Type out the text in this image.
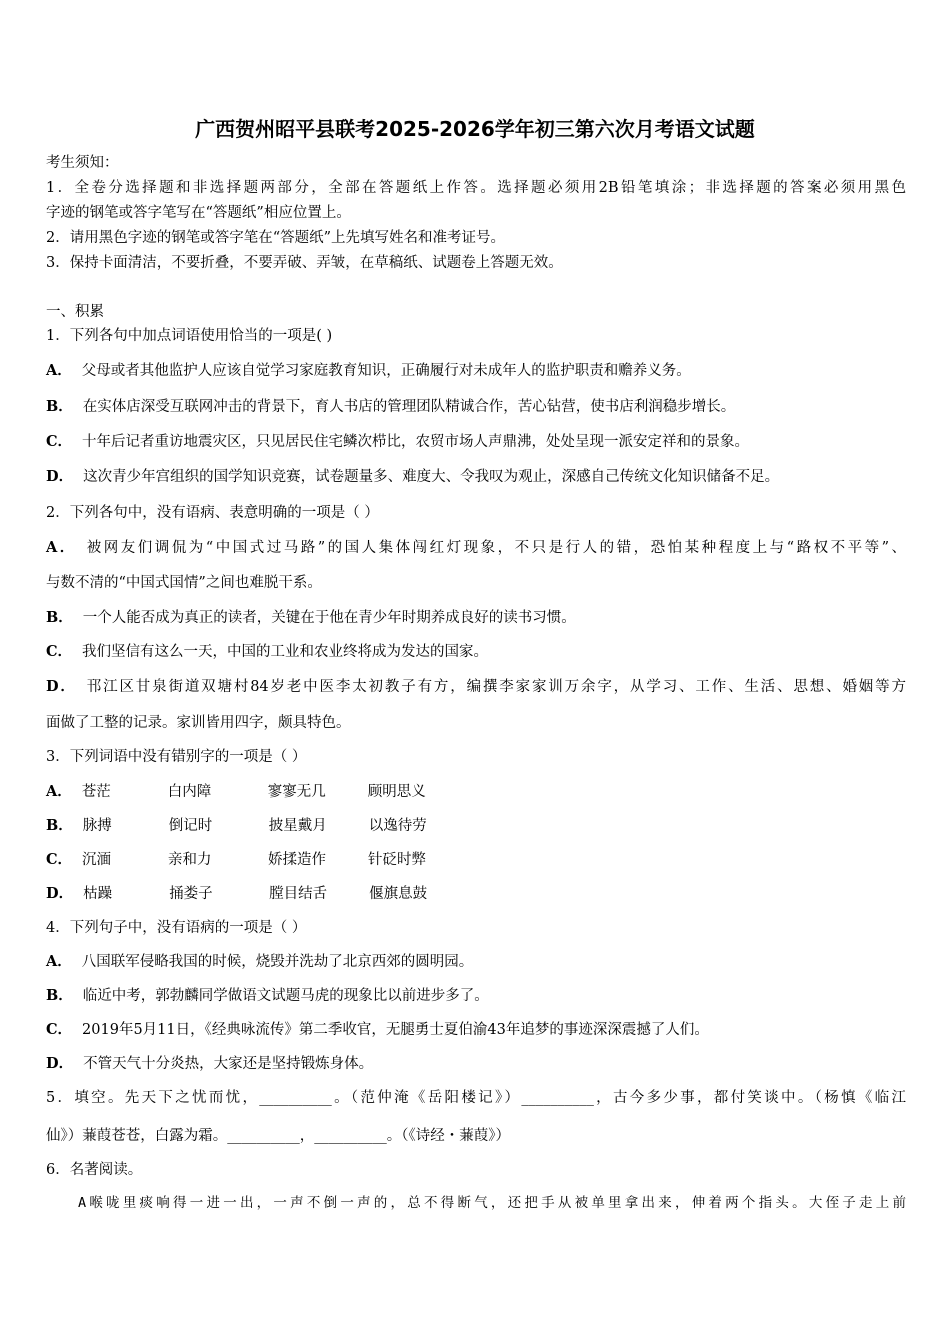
广西贺州昭平县联考2025-2026学年初三第六次月考语文试题
考生须知：
1．全卷分选择题和非选择题两部分，全部在答题纸上作答。选择题必须用2B铅笔填涂；非选择题的答案必须用黑色
字迹的钢笔或答字笔写在“答题纸”相应位置上。
2．请用黑色字迹的钢笔或答字笔在“答题纸”上先填写姓名和准考证号。
3．保持卡面清洁，不要折叠，不要弄破、弄皱，在草稿纸、试题卷上答题无效。
一、积累
1．下列各句中加点词语使用恰当的一项是( )
A． 父母或者其他监护人应该自觉学习家庭教育知识，正确履行对未成年人的监护职责和赡养义务。
B． 在实体店深受互联网冲击的背景下，育人书店的管理团队精诚合作，苦心钻营，使书店利润稳步增长。
C． 十年后记者重访地震灾区，只见居民住宅鳞次栉比，农贸市场人声鼎沸，处处呈现一派安定祥和的景象。
D． 这次青少年宫组织的国学知识竞赛，试卷题量多、难度大、令我叹为观止，深感自己传统文化知识储备不足。
2．下列各句中，没有语病、表意明确的一项是（ ）
A． 被网友们调侃为“中国式过马路”的国人集体闯红灯现象，不只是行人的错，恐怕某种程度上与“路权不平等”、
与数不清的“中国式国情”之间也难脱干系。
B． 一个人能否成为真正的读者，关键在于他在青少年时期养成良好的读书习惯。
C． 我们坚信有这么一天，中国的工业和农业终将成为发达的国家。
D． 邗江区甘泉街道双塘村84岁老中医李太初教子有方，编撰李家家训万余字，从学习、工作、生活、思想、婚姻等方
面做了工整的记录。家训皆用四字，颇具特色。
3．下列词语中没有错别字的一项是（ ）
A． 苍茫	白内障	寥寥无几	顾明思义
B． 脉搏	倒记时	披星戴月	以逸待劳
C． 沉湎	亲和力	娇揉造作	针砭时弊
D． 枯躁	捅娄子	膛目结舌	偃旗息鼓
4．下列句子中，没有语病的一项是（ ）
A． 八国联军侵略我国的时候，烧毁并洗劫了北京西郊的圆明园。
B． 临近中考，郭勃麟同学做语文试题马虎的现象比以前进步多了。
C． 2019年5月11日，《经典咏流传》第二季收官，无腿勇士夏伯渝43年追梦的事迹深深震撼了人们。
D． 不管天气十分炎热，大家还是坚持锻炼身体。
5．填空。先天下之忧而忧，__________。（范仲淹《岳阳楼记》）__________，古今多少事，都付笑谈中。（杨慎《临江
仙》）蒹葭苍苍，白露为霜。__________，__________。（《诗经・蒹葭》）
6．名著阅读。
A喉咙里痰响得一进一出，一声不倒一声的，总不得断气，还把手从被单里拿出来，伸着两个指头。大侄子走上前
